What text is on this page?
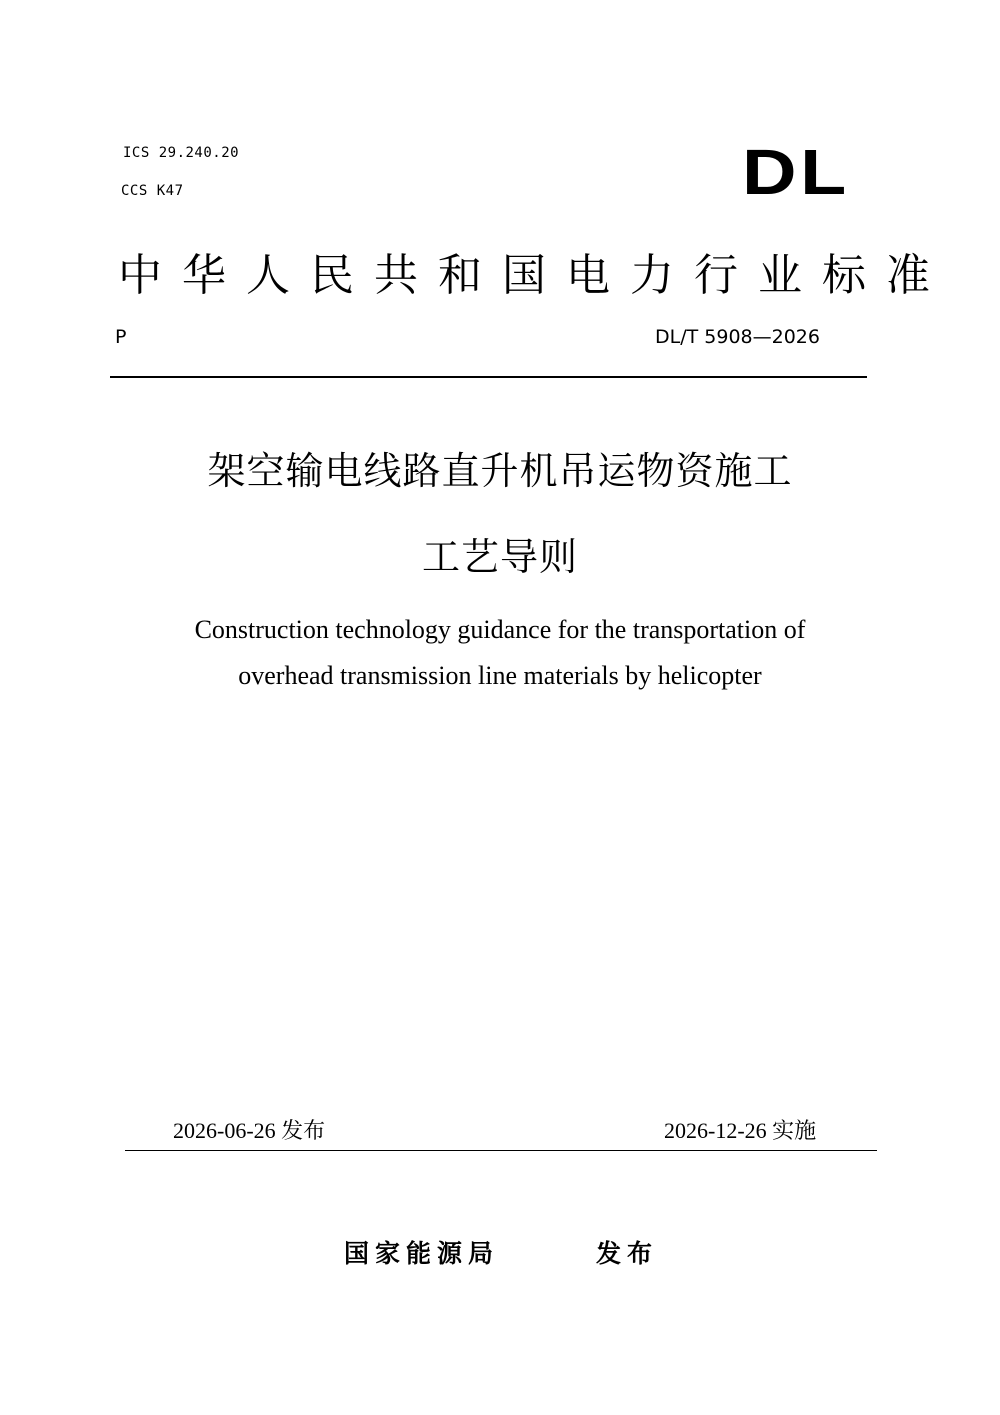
ICS 29.240.20
CCS K47	DL
中华人民共和国电力行业标准
P	DL/T 5908—2026
架空输电线路直升机吊运物资施工
工艺导则
Construction technology guidance for the transportation of
overhead transmission line materials by helicopter
2026-06-26 发布	2026-12-26 实施
国家能源局	发布
